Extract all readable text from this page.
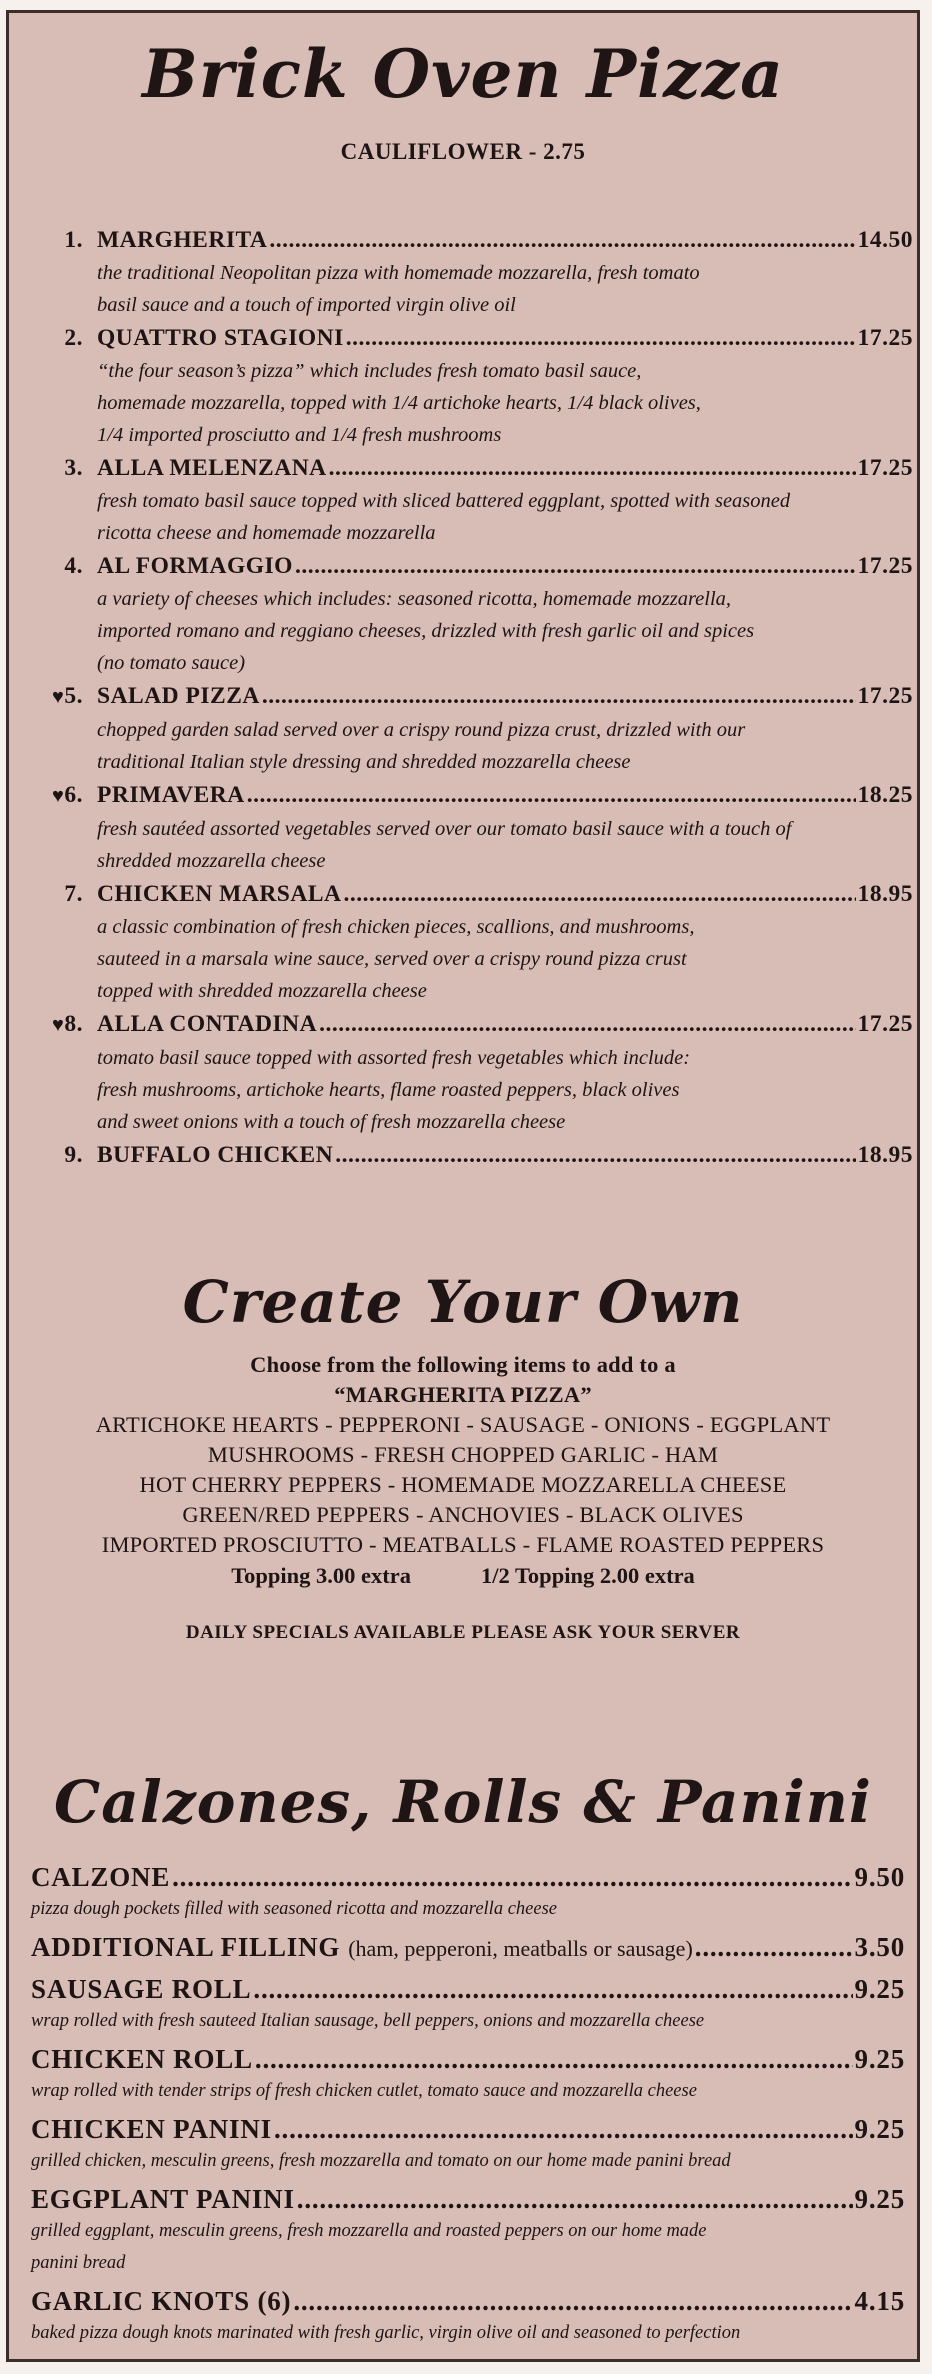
Brick Oven Pizza
CAULIFLOWER - 2.75
1. MARGHERITA .....	14.50
the traditional Neopolitan pizza with homemade mozzarella, fresh tomato
basil sauce and a touch of imported virgin olive oil
2. QUATTRO STAGIONI .....	17.25
“the four season’s pizza” which includes fresh tomato basil sauce,
homemade mozzarella, topped with 1/4 artichoke hearts, 1/4 black olives,
1/4 imported prosciutto and 1/4 fresh mushrooms
3. ALLA MELENZANA .....	17.25
fresh tomato basil sauce topped with sliced battered eggplant, spotted with seasoned
ricotta cheese and homemade mozzarella
4. AL FORMAGGIO .....	17.25
a variety of cheeses which includes: seasoned ricotta, homemade mozzarella,
imported romano and reggiano cheeses, drizzled with fresh garlic oil and spices
(no tomato sauce)
♥5. SALAD PIZZA .....	17.25
chopped garden salad served over a crispy round pizza crust, drizzled with our
traditional Italian style dressing and shredded mozzarella cheese
♥6. PRIMAVERA .....	18.25
fresh sautéed assorted vegetables served over our tomato basil sauce with a touch of
shredded mozzarella cheese
7. CHICKEN MARSALA .....	18.95
a classic combination of fresh chicken pieces, scallions, and mushrooms,
sauteed in a marsala wine sauce, served over a crispy round pizza crust
topped with shredded mozzarella cheese
♥8. ALLA CONTADINA .....	17.25
tomato basil sauce topped with assorted fresh vegetables which include:
fresh mushrooms, artichoke hearts, flame roasted peppers, black olives
and sweet onions with a touch of fresh mozzarella cheese
9. BUFFALO CHICKEN .....	18.95
Create Your Own
Choose from the following items to add to a
“MARGHERITA PIZZA”
ARTICHOKE HEARTS - PEPPERONI - SAUSAGE - ONIONS - EGGPLANT
MUSHROOMS - FRESH CHOPPED GARLIC - HAM
HOT CHERRY PEPPERS - HOMEMADE MOZZARELLA CHEESE
GREEN/RED PEPPERS - ANCHOVIES - BLACK OLIVES
IMPORTED PROSCIUTTO - MEATBALLS - FLAME ROASTED PEPPERS
Topping 3.00 extra	1/2 Topping 2.00 extra
DAILY SPECIALS AVAILABLE PLEASE ASK YOUR SERVER
Calzones, Rolls & Panini
CALZONE .....	9.50
pizza dough pockets filled with seasoned ricotta and mozzarella cheese
ADDITIONAL FILLING (ham, pepperoni, meatballs or sausage) .....	3.50
SAUSAGE ROLL .....	9.25
wrap rolled with fresh sauteed Italian sausage, bell peppers, onions and mozzarella cheese
CHICKEN ROLL .....	9.25
wrap rolled with tender strips of fresh chicken cutlet, tomato sauce and mozzarella cheese
CHICKEN PANINI .....	9.25
grilled chicken, mesculin greens, fresh mozzarella and tomato on our home made panini bread
EGGPLANT PANINI .....	9.25
grilled eggplant, mesculin greens, fresh mozzarella and roasted peppers on our home made
panini bread
GARLIC KNOTS (6) .....	4.15
baked pizza dough knots marinated with fresh garlic, virgin olive oil and seasoned to perfection
